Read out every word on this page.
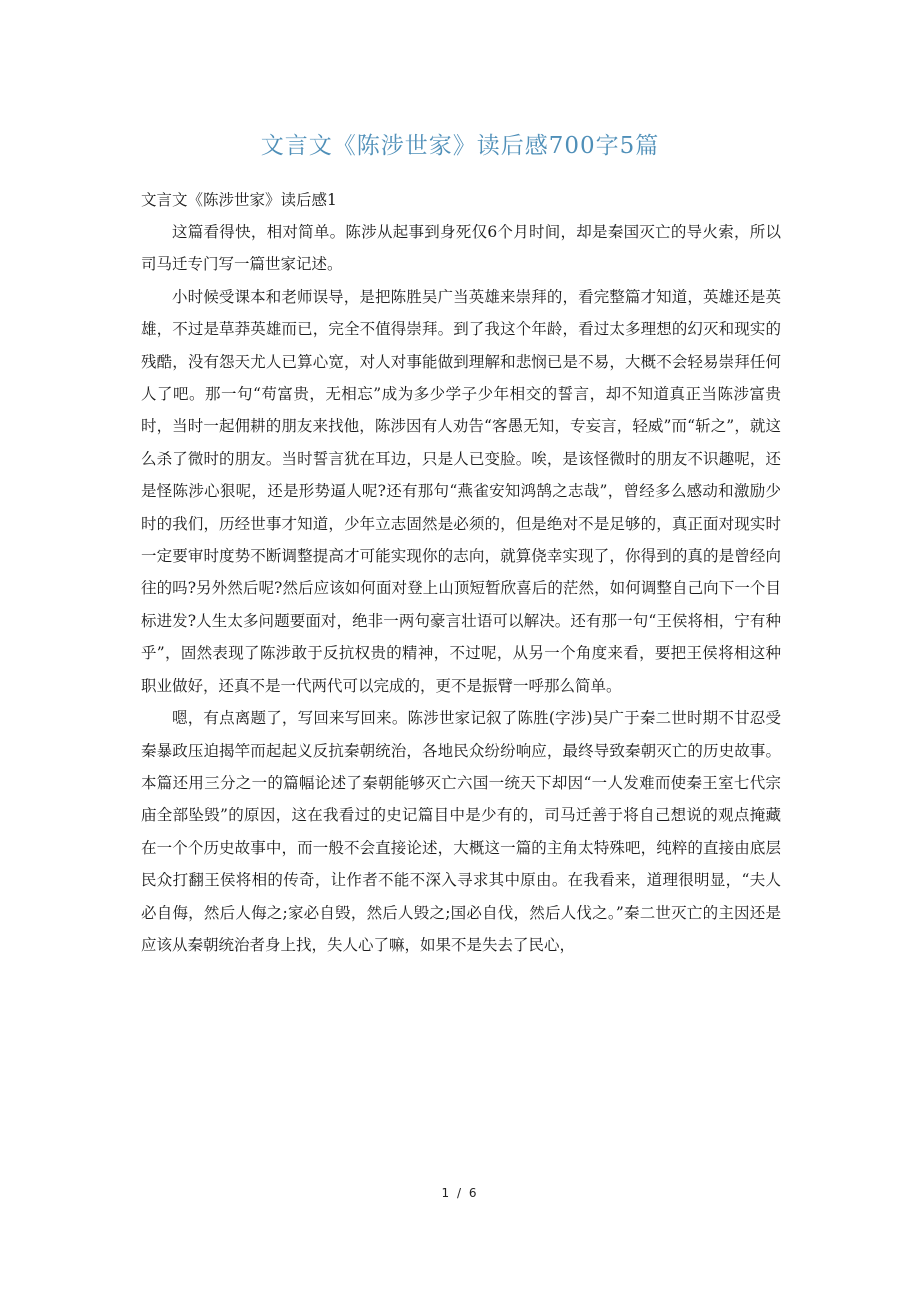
文言文《陈涉世家》读后感700字5篇

文言文《陈涉世家》读后感1

这篇看得快，相对简单。陈涉从起事到身死仅6个月时间，却是秦国灭亡的导火索，所以司马迁专门写一篇世家记述。

小时候受课本和老师误导，是把陈胜吴广当英雄来崇拜的，看完整篇才知道，英雄还是英雄，不过是草莽英雄而已，完全不值得崇拜。到了我这个年龄，看过太多理想的幻灭和现实的残酷，没有怨天尤人已算心宽，对人对事能做到理解和悲悯已是不易，大概不会轻易崇拜任何人了吧。那一句“苟富贵，无相忘”成为多少学子少年相交的誓言，却不知道真正当陈涉富贵时，当时一起佣耕的朋友来找他，陈涉因有人劝告“客愚无知，专妄言，轻威”而“斩之”，就这么杀了微时的朋友。当时誓言犹在耳边，只是人已变脸。唉，是该怪微时的朋友不识趣呢，还是怪陈涉心狠呢，还是形势逼人呢?还有那句“燕雀安知鸿鹄之志哉”，曾经多么感动和激励少时的我们，历经世事才知道，少年立志固然是必须的，但是绝对不是足够的，真正面对现实时一定要审时度势不断调整提高才可能实现你的志向，就算侥幸实现了，你得到的真的是曾经向往的吗?另外然后呢?然后应该如何面对登上山顶短暂欣喜后的茫然，如何调整自己向下一个目标进发?人生太多问题要面对，绝非一两句豪言壮语可以解决。还有那一句“王侯将相，宁有种乎”，固然表现了陈涉敢于反抗权贵的精神，不过呢，从另一个角度来看，要把王侯将相这种职业做好，还真不是一代两代可以完成的，更不是振臂一呼那么简单。

嗯，有点离题了，写回来写回来。陈涉世家记叙了陈胜(字涉)吴广于秦二世时期不甘忍受秦暴政压迫揭竿而起起义反抗秦朝统治，各地民众纷纷响应，最终导致秦朝灭亡的历史故事。本篇还用三分之一的篇幅论述了秦朝能够灭亡六国一统天下却因“一人发难而使秦王室七代宗庙全部坠毁”的原因，这在我看过的史记篇目中是少有的，司马迁善于将自己想说的观点掩藏在一个个历史故事中，而一般不会直接论述，大概这一篇的主角太特殊吧，纯粹的直接由底层民众打翻王侯将相的传奇，让作者不能不深入寻求其中原由。在我看来，道理很明显，“夫人必自侮，然后人侮之;家必自毁，然后人毁之;国必自伐，然后人伐之。”秦二世灭亡的主因还是应该从秦朝统治者身上找，失人心了嘛，如果不是失去了民心，

1 / 6
